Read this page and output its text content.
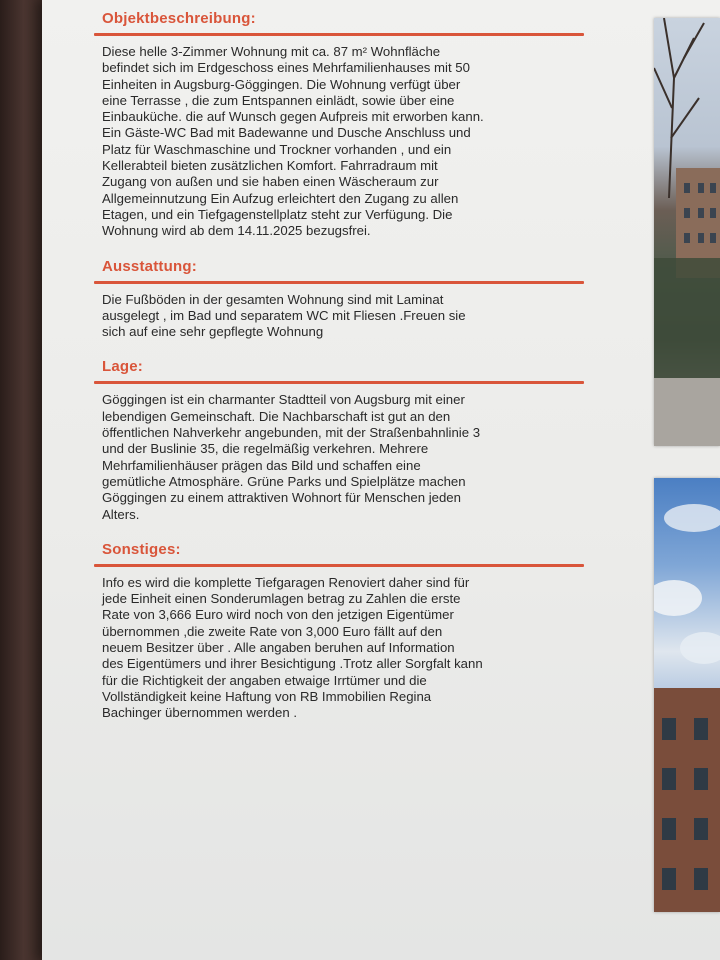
Objektbeschreibung:
Diese helle 3-Zimmer Wohnung mit ca. 87 m² Wohnfläche
befindet sich im Erdgeschoss eines Mehrfamilienhauses mit 50
Einheiten in Augsburg-Göggingen. Die Wohnung verfügt über
eine Terrasse , die zum Entspannen einlädt, sowie über eine
Einbauküche. die auf Wunsch gegen Aufpreis mit erworben kann.
Ein Gäste-WC Bad mit Badewanne und Dusche Anschluss und
Platz für Waschmaschine und Trockner vorhanden , und ein
Kellerabteil bieten zusätzlichen Komfort. Fahrradraum mit
Zugang von außen und sie haben einen Wäscheraum zur
Allgemeinnutzung Ein Aufzug erleichtert den Zugang zu allen
Etagen, und ein Tiefgagenstellplatz steht zur Verfügung. Die
Wohnung wird ab dem 14.11.2025 bezugsfrei.
Ausstattung:
Die Fußböden in der gesamten Wohnung sind mit Laminat
ausgelegt , im Bad und separatem WC mit Fliesen .Freuen sie
sich auf eine sehr gepflegte Wohnung
Lage:
Göggingen ist ein charmanter Stadtteil von Augsburg mit einer
lebendigen Gemeinschaft. Die Nachbarschaft ist gut an den
öffentlichen Nahverkehr angebunden, mit der Straßenbahnlinie 3
und der Buslinie 35, die regelmäßig verkehren. Mehrere
Mehrfamilienhäuser prägen das Bild und schaffen eine
gemütliche Atmosphäre. Grüne Parks und Spielplätze machen
Göggingen zu einem attraktiven Wohnort für Menschen jeden
Alters.
Sonstiges:
Info es wird die komplette Tiefgaragen Renoviert daher sind für
jede Einheit einen Sonderumlagen betrag zu Zahlen die erste
Rate von 3,666 Euro wird noch von den jetzigen Eigentümer
übernommen ,die zweite Rate von 3,000 Euro fällt auf den
neuem Besitzer über . Alle angaben beruhen auf Information
des Eigentümers und ihrer Besichtigung .Trotz aller Sorgfalt kann
für die Richtigkeit der angaben etwaige Irrtümer und die
Vollständigkeit keine Haftung von RB Immobilien Regina
Bachinger übernommen werden .
